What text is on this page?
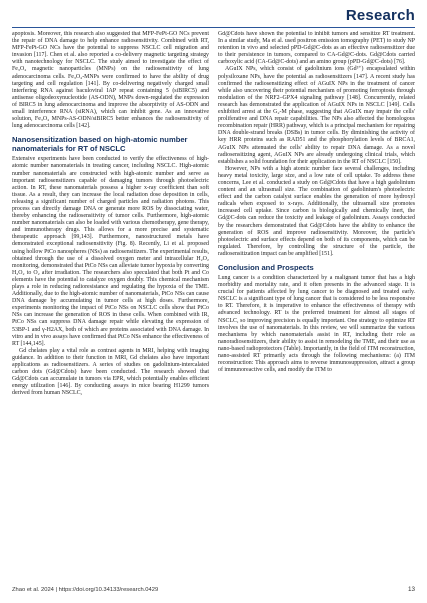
Research

apoptosis. Moreover, this research also suggested that MFP-FePt-GO NCs prevent the repair of DNA damage to help enhance radiosensitivity. Combined with RT, MFP-FePt-GO NCs have the potential to suppress NSCLC cell migration and invasion [117]. Chen et al. also reported a co-delivery magnetic targeting strategy with nanotechnology for NSCLC. The study aimed to investigate the effect of Fe₃O₄ magnetic nanoparticles (MNPs) on the radiosensitivity of lung adenocarcinoma cells. Fe₃O₄-MNPs were confirmed to have the ability of drug targeting and cell regulation [141]. By co-delivering negatively charged small interfering RNA against baculoviral IAP repeat containing 5 (siBIRC5) and antisense oligodeoxynucleotide (AS-ODN), MNPs down-regulated the expression of BIRC5 in lung adenocarcinoma and improve the absorptivity of AS-ODN and small interference RNA (siRNA), which can inhibit gene. As an innovative solution, Fe₃O₄ MNPs-AS-ODN/siBIRC5 better enhances the radiosensitivity of lung adenocarcinoma cells [142].

Nanosensitization based on high-atomic number nanomaterials for RT of NSCLC

Extensive experiments have been conducted to verify the effectiveness of high-atomic number nanomaterials in treating cancer, including NSCLC. High-atomic number nanomaterials are constructed with high-atomic number and serve as important radiosensitizers capable of damaging tumors through photoelectric action. In RT, these nanomaterials possess a higher x-ray coefficient than soft tissue. As a result, they can increase the local radiation dose deposition in cells, releasing a significant number of charged particles and radiation photons. This process can directly damage DNA or generate more ROS by dissociating water, thereby enhancing the radiosensitivity of tumor cells. Furthermore, high-atomic number nanomaterials can also be loaded with various chemotherapy, gene therapy, and immunotherapy drugs. This allows for a more precise and systematic therapeutic approach [99,143]. Furthermore, nanostructured metals have demonstrated exceptional radiosensitivity (Fig. 8). Recently, Li et al. proposed using hollow PtCo nanospheres (NSs) as radiosensitizers. The experimental results, obtained through the use of a dissolved oxygen meter and intracellular H₂O₂ monitoring, demonstrated that PtCo NSs can alleviate tumor hypoxia by converting H₂O₂ to O₂ after irradiation. The researchers also speculated that both Pt and Co elements have the potential to catalyze oxygen doubly. This chemical mechanism plays a role in reducing radioresistance and regulating the hypoxia of the TME. Additionally, due to the high-atomic number of nanomaterials, PtCo NSs can cause DNA damage by accumulating in tumor cells at high doses. Furthermore, experiments monitoring the impact of PtCo NSs on NSCLC cells show that PtCo NSs can increase the generation of ROS in these cells. When combined with IR, PtCo NSs can suppress DNA damage repair while elevating the expression of 53BP-1 and γ-H2AX, both of which are proteins associated with DNA damage. In vitro and in vivo assays have confirmed that PtCo NSs enhance the effectiveness of RT [144,145].

Gd chelates play a vital role as contrast agents in MRI, helping with imaging guidance. In addition to their function in MRI, Gd chelates also have important applications as radiosensitizers. A series of studies on gadolinium-intercalated carbon dots (Gd@Cdots) have been conducted. The research showed that Gd@Cdots can accumulate in tumors via EPR, which potentially enables efficient energy utilization [146]. By conducting assays in mice bearing H1299 tumors derived from human NSCLC,

Gd@Cdots have shown the potential to inhibit tumors and sensitize RT treatment. In a similar study, Ma et al. used positron emission tomography (PET) to study NP retention in vivo and selected pPD-Gd@C-dots as an effective radiosensitizer due to their persistence in tumors, compared to CA-Gd@C-dots. Gd@Cdots carried carboxylic acid (CA-Gd@C-dots) and an amino group (pPD-Gd@C-dots) [76].

AGuIX NPs, which consist of gadolinium ions (Gd³⁺) encapsulated within polysiloxane NPs, have the potential as radiosensitizers [147]. A recent study has confirmed the radiosensitizing effect of AGuIX NPs in the treatment of cancer while also uncovering their potential mechanism of promoting ferroptosis through modulation of the NRF2–GPX4 signaling pathway [148]. Concurrently, related research has demonstrated the application of AGuIX NPs in NSCLC [149]. Cells exhibited arrest at the G₂-M phase, suggesting that AGuIX may impair the cells' proliferative and DNA repair capabilities. The NPs also affected the homologous recombination repair (HRR) pathway, which is a principal mechanism for repairing DNA double-strand breaks (DSBs) in tumor cells. By diminishing the activity of key HRR proteins such as RAD51 and the phosphorylation levels of BRCA1, AGuIX NPs attenuated the cells' ability to repair DNA damage. As a novel radiosensitizing agent, AGuIX NPs are already undergoing clinical trials, which establishes a solid foundation for their application in the RT of NSCLC [150].

However, NPs with a high atomic number face several challenges, including heavy metal toxicity, large size, and a low rate of cell uptake. To address these concerns, Lee et al. conducted a study on Gd@Cdots that have a high gadolinium content and an ultrasmall size. The combination of gadolinium's photoelectric effect and the carbon catalyst surface enables the generation of more hydroxyl radicals when exposed to x-rays. Additionally, the ultrasmall size promotes increased cell uptake. Since carbon is biologically and chemically inert, the Gd@C-dots can reduce the toxicity and leakage of gadolinium. Assays conducted by the researchers demonstrated that Gd@Cdots have the ability to enhance the generation of ROS and improve radiosensitivity. Moreover, the particle's photoelectric and surface effects depend on both of its components, which can be regulated. Therefore, by controlling the structure of the particle, the radiosensitization impact can be amplified [151].

Conclusion and Prospects

Lung cancer is a condition characterized by a malignant tumor that has a high morbidity and mortality rate, and it often presents in the advanced stage. It is crucial for patients affected by lung cancer to be diagnosed and treated early. NSCLC is a significant type of lung cancer that is considered to be less responsive to RT. Therefore, it is imperative to enhance the effectiveness of therapy with advanced technology. RT is the preferred treatment for almost all stages of NSCLC, so improving precision is equally important. One strategy to optimize RT involves the use of nanomaterials. In this review, we will summarize the various mechanisms by which nanomaterials assist in RT, including their role as nanoradiosensitizers, their ability to assist in remodeling the TME, and their use as nano-based radioprotectors (Table). Importantly, in the field of ITM reconstruction, nano-assisted RT primarily acts through the following mechanisms: (a) ITM reconstruction: This approach aims to reverse immunosuppression, attract a group of immunoreactive cells, and modify the ITM to

Zhao et al. 2024 | https://doi.org/10.34133/research.0429	13
